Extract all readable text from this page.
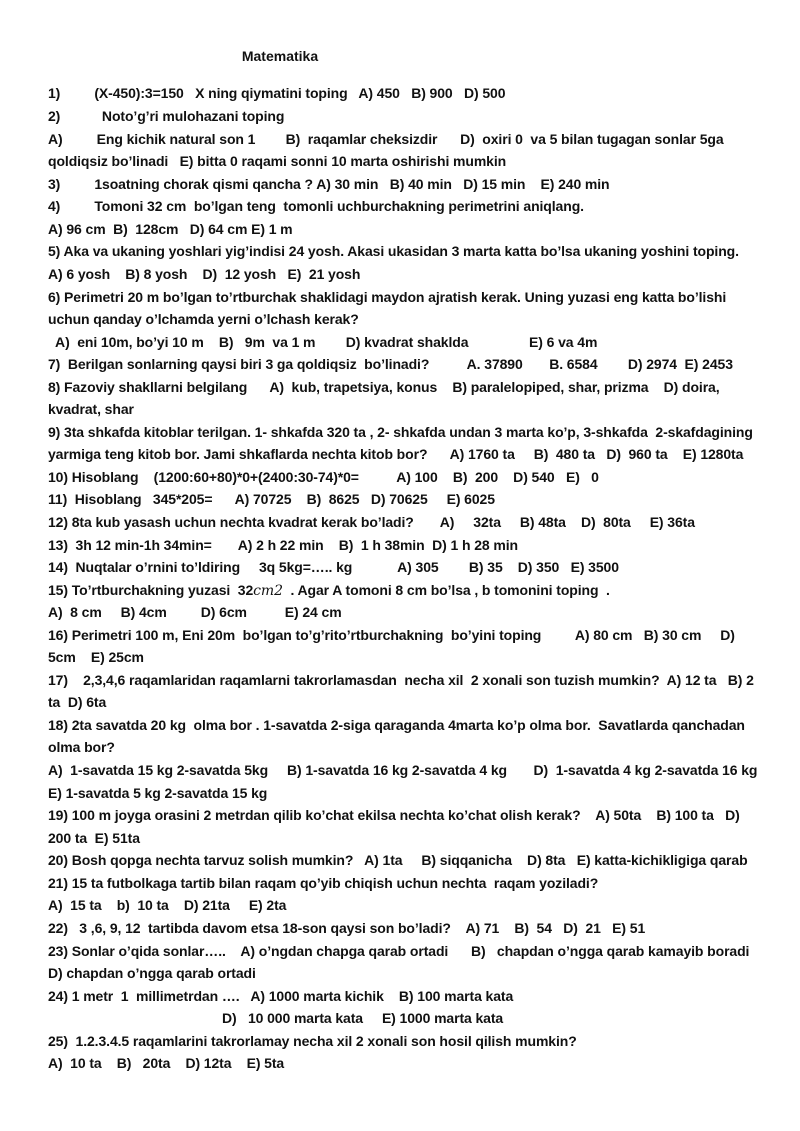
Matematika
1)         (X-450):3=150   X ning qiymatini toping   A) 450   B) 900   D) 500
2)           Noto’g’ri mulohazani toping
A)         Eng kichik natural son 1        B)  raqamlar cheksizdir      D)  oxiri 0  va 5 bilan tugagan sonlar 5ga
qoldiqsiz bo’linadi   E) bitta 0 raqami sonni 10 marta oshirishi mumkin
3)         1soatning chorak qismi qancha ? A) 30 min   B) 40 min   D) 15 min    E) 240 min
4)         Tomoni 32 cm  bo’lgan teng  tomonli uchburchakning perimetrini aniqlang.
A) 96 cm  B)  128cm   D) 64 cm E) 1 m
5) Aka va ukaning yoshlari yig’indisi 24 yosh. Akasi ukasidan 3 marta katta bo’lsa ukaning yoshini toping.
A) 6 yosh    B) 8 yosh    D)  12 yosh   E)  21 yosh
6) Perimetri 20 m bo’lgan to’rtburchak shaklidagi maydon ajratish kerak. Uning yuzasi eng katta bo’lishi
uchun qanday o’lchamda yerni o’lchash kerak?
A)  eni 10m, bo’yi 10 m    B)   9m  va 1 m        D) kvadrat shaklda                E) 6 va 4m
7)  Berilgan sonlarning qaysi biri 3 ga qoldiqsiz  bo’linadi?          A. 37890       B. 6584        D) 2974  E) 2453
8) Fazoviy shakllarni belgilang      A)  kub, trapetsiya, konus    B) paralelopiped, shar, prizma    D) doira,
kvadrat, shar
9) 3ta shkafda kitoblar terilgan. 1- shkafda 320 ta , 2- shkafda undan 3 marta ko’p, 3-shkafda  2-skafdagining
yarmiga teng kitob bor. Jami shkaflarda nechta kitob bor?      A) 1760 ta     B)  480 ta   D)  960 ta    E) 1280ta
10) Hisoblang    (1200:60+80)*0+(2400:30-74)*0=          A) 100    B)  200    D) 540   E)   0
11)  Hisoblang   345*205=      A) 70725    B)  8625   D) 70625     E) 6025
12) 8ta kub yasash uchun nechta kvadrat kerak bo’ladi?       A)     32ta     B) 48ta    D)  80ta     E) 36ta
13)  3h 12 min-1h 34min=       A) 2 h 22 min    B)  1 h 38min  D) 1 h 28 min
14)  Nuqtalar o’rnini to’ldiring     3q 5kg=….. kg            A) 305        B) 35    D) 350   E) 3500
15) To’rtburchakning yuzasi  32cm2  . Agar A tomoni 8 cm bo’lsa , b tomonini toping  .
A)  8 cm     B) 4cm         D) 6cm          E) 24 cm
16) Perimetri 100 m, Eni 20m  bo’lgan to’g’rito’rtburchakning  bo’yini toping         A) 80 cm   B) 30 cm     D)
5cm    E) 25cm
17)    2,3,4,6 raqamlaridan raqamlarni takrorlamasdan  necha xil  2 xonali son tuzish mumkin?  A) 12 ta   B) 2
ta  D) 6ta
18) 2ta savatda 20 kg  olma bor . 1-savatda 2-siga qaraganda 4marta ko’p olma bor.  Savatlarda qanchadan
olma bor?
A)  1-savatda 15 kg 2-savatda 5kg     B) 1-savatda 16 kg 2-savatda 4 kg       D)  1-savatda 4 kg 2-savatda 16 kg
E) 1-savatda 5 kg 2-savatda 15 kg
19) 100 m joyga orasini 2 metrdan qilib ko’chat ekilsa nechta ko’chat olish kerak?    A) 50ta    B) 100 ta   D)
200 ta  E) 51ta
20) Bosh qopga nechta tarvuz solish mumkin?   A) 1ta     B) siqqanicha    D) 8ta   E) katta-kichikligiga qarab
21) 15 ta futbolkaga tartib bilan raqam qo’yib chiqish uchun nechta  raqam yoziladi?
A)  15 ta    b)  10 ta    D) 21ta     E) 2ta
22)   3 ,6, 9, 12  tartibda davom etsa 18-son qaysi son bo’ladi?    A) 71    B)  54   D)  21   E) 51
23) Sonlar o’qida sonlar…..    A) o’ngdan chapga qarab ortadi      B)   chapdan o’ngga qarab kamayib boradi
D) chapdan o’ngga qarab ortadi
24) 1 metr  1  millimetrdan ….   A) 1000 marta kichik    B) 100 marta kata
D)   10 000 marta kata     E) 1000 marta kata
25)  1.2.3.4.5 raqamlarini takrorlamay necha xil 2 xonali son hosil qilish mumkin?
A)  10 ta    B)   20ta    D) 12ta    E) 5ta
